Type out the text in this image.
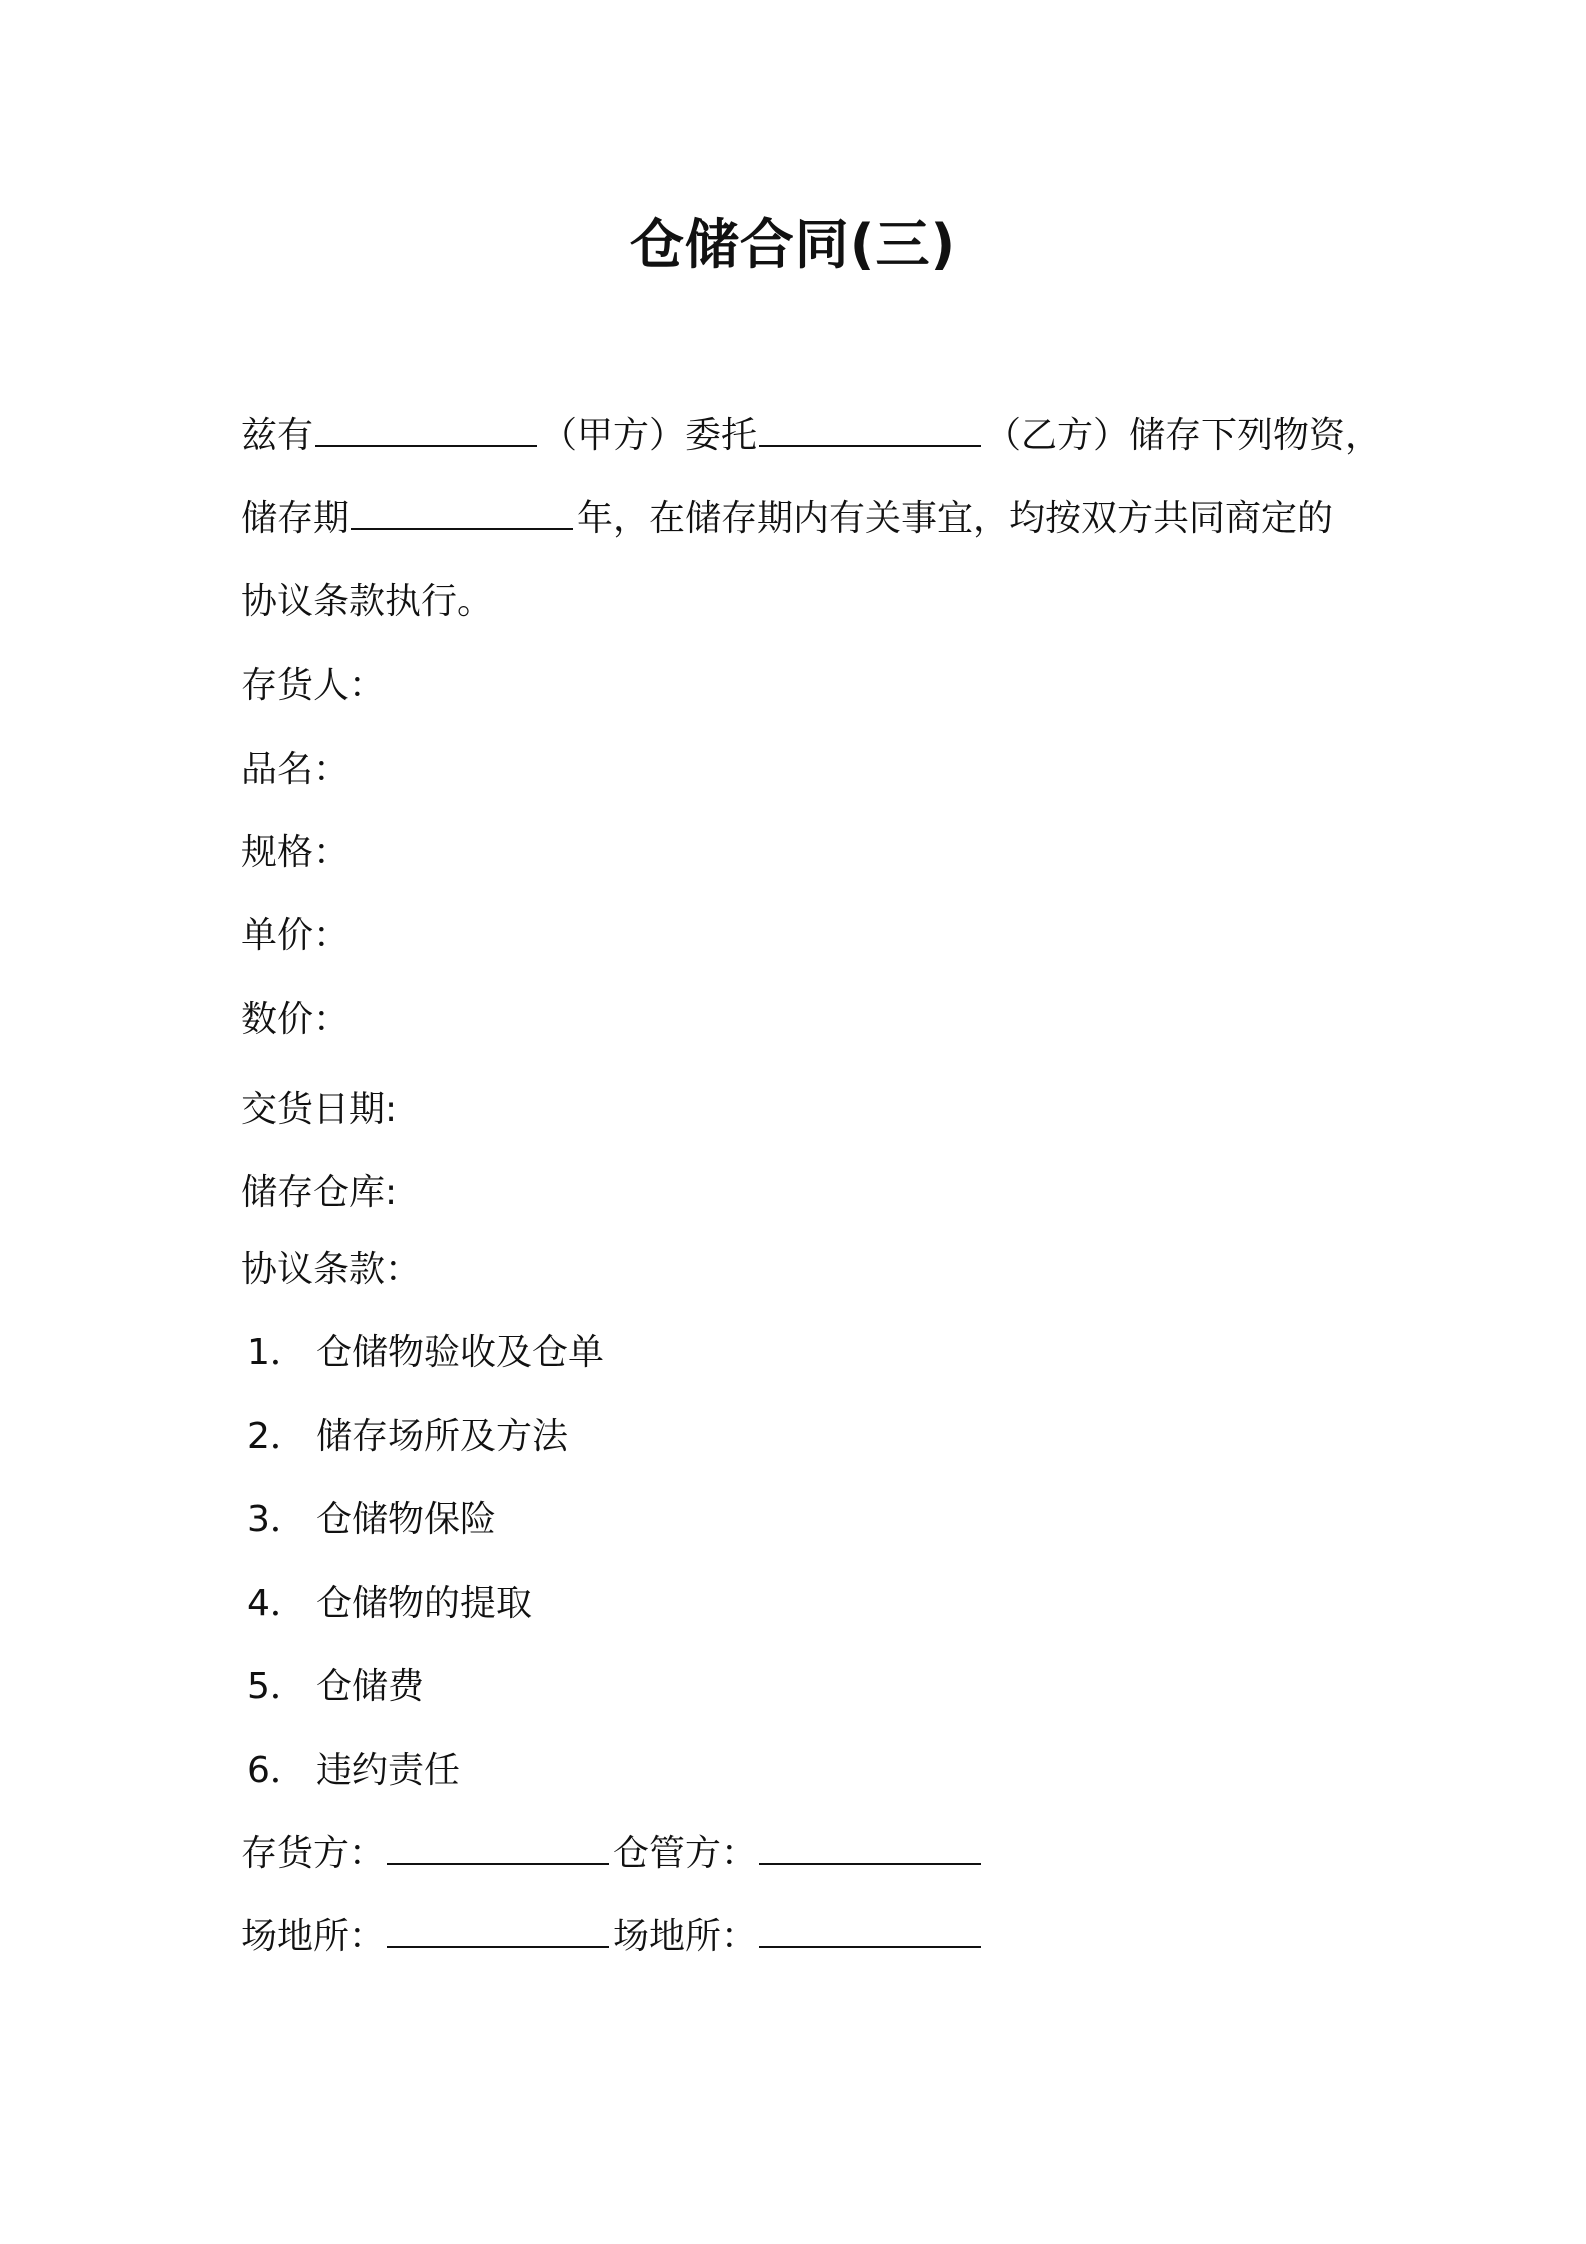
仓储合同(三)
兹有	（甲方）委托	（乙方）储存下列物资，
储存期	年，在储存期内有关事宜，均按双方共同商定的
协议条款执行。
存货人：
品名：
规格：
单价：
数价：
交货日期:
储存仓库:
协议条款：
1． 仓储物验收及仓单
2． 储存场所及方法
3． 仓储物保险
4． 仓储物的提取
5． 仓储费
6． 违约责任
存货方：	仓管方：
场地所：	场地所：
